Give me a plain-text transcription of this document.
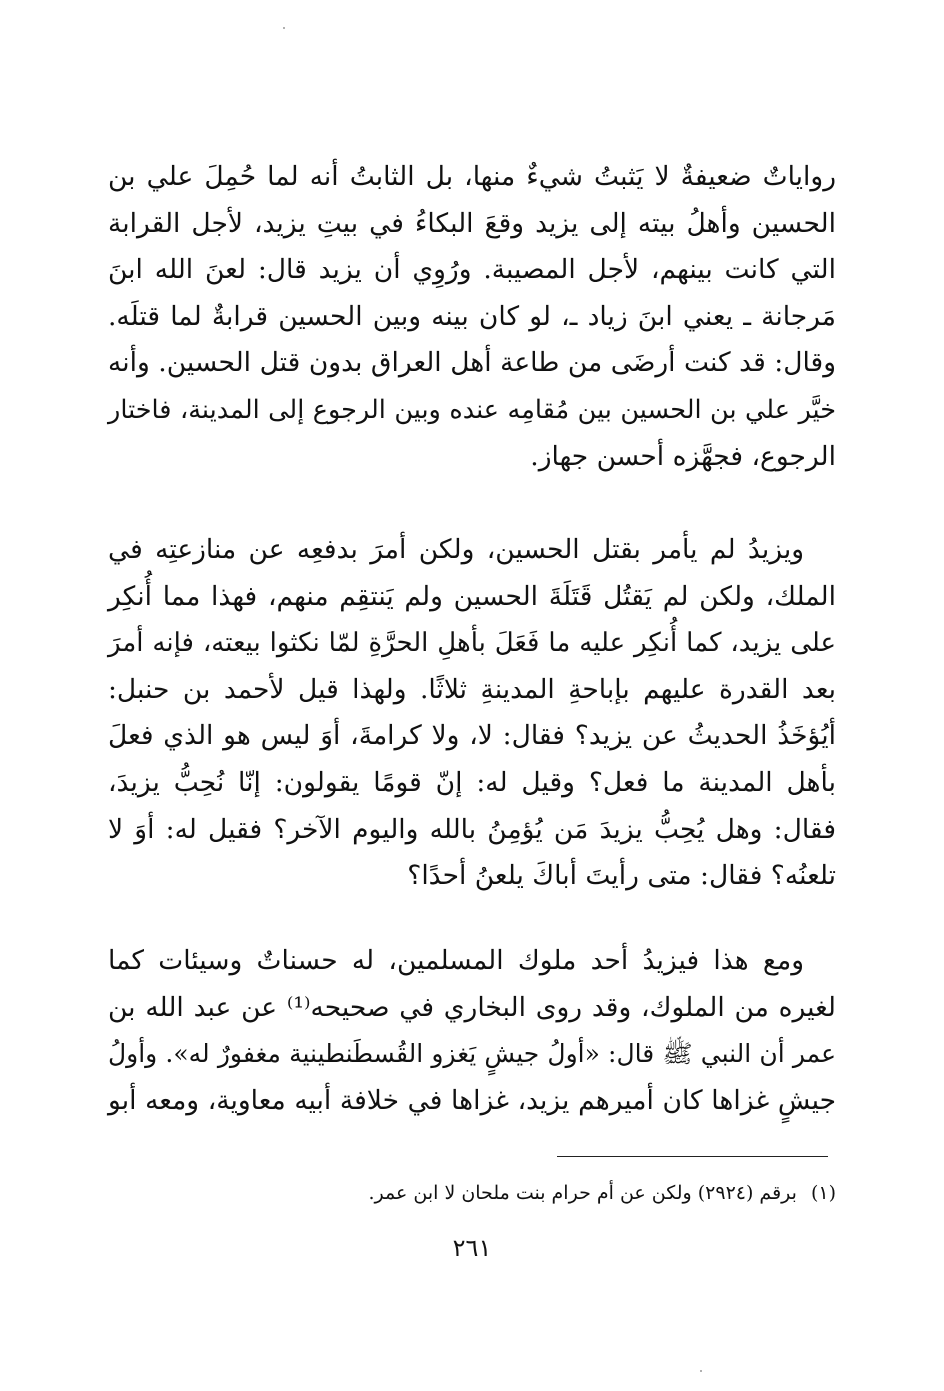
رواياتٌ ضعيفةٌ لا يَثبتُ شيءٌ منها، بل الثابتُ أنه لما حُمِلَ علي بن
الحسين وأهلُ بيته إلى يزيد وقعَ البكاءُ في بيتِ يزيد، لأجل القرابة
التي كانت بينهم، لأجل المصيبة. ورُوِي أن يزيد قال: لعنَ الله ابنَ
مَرجانة ـ يعني ابنَ زياد ـ، لو كان بينه وبين الحسين قرابةٌ لما قتلَه.
وقال: قد كنت أرضَى من طاعة أهل العراق بدون قتل الحسين. وأنه
خيَّر علي بن الحسين بين مُقامِه عنده وبين الرجوع إلى المدينة، فاختار
الرجوع، فجهَّزه أحسن جهاز.
ويزيدُ لم يأمر بقتل الحسين، ولكن أمرَ بدفعِه عن منازعتِه في
الملك، ولكن لم يَقتُل قَتَلَةَ الحسين ولم يَنتقِم منهم، فهذا مما أُنكِر
على يزيد، كما أُنكِر عليه ما فَعَلَ بأهلِ الحرَّةِ لمّا نكثوا بيعته، فإنه أمرَ
بعد القدرة عليهم بإباحةِ المدينةِ ثلاثًا. ولهذا قيل لأحمد بن حنبل:
أيُؤخَذُ الحديثُ عن يزيد؟ فقال: لا، ولا كرامةَ، أوَ ليس هو الذي فعلَ
بأهل المدينة ما فعل؟ وقيل له: إنّ قومًا يقولون: إنّا نُحِبُّ يزيدَ،
فقال: وهل يُحِبُّ يزيدَ مَن يُؤمِنُ بالله واليوم الآخر؟ فقيل له: أوَ لا
تلعنُه؟ فقال: متى رأيتَ أباكَ يلعنُ أحدًا؟
ومع هذا فيزيدُ أحد ملوك المسلمين، له حسناتٌ وسيئات كما
لغيره من الملوك، وقد روى البخاري في صحيحه⁽¹⁾ عن عبد الله بن
عمر أن النبي ﷺ قال: «أولُ جيشٍ يَغزو القُسطَنطينية مغفورٌ له». وأولُ
جيشٍ غزاها كان أميرهم يزيد، غزاها في خلافة أبيه معاوية، ومعه أبو
(١)برقم (٢٩٢٤) ولكن عن أم حرام بنت ملحان لا ابن عمر.
٢٦١
